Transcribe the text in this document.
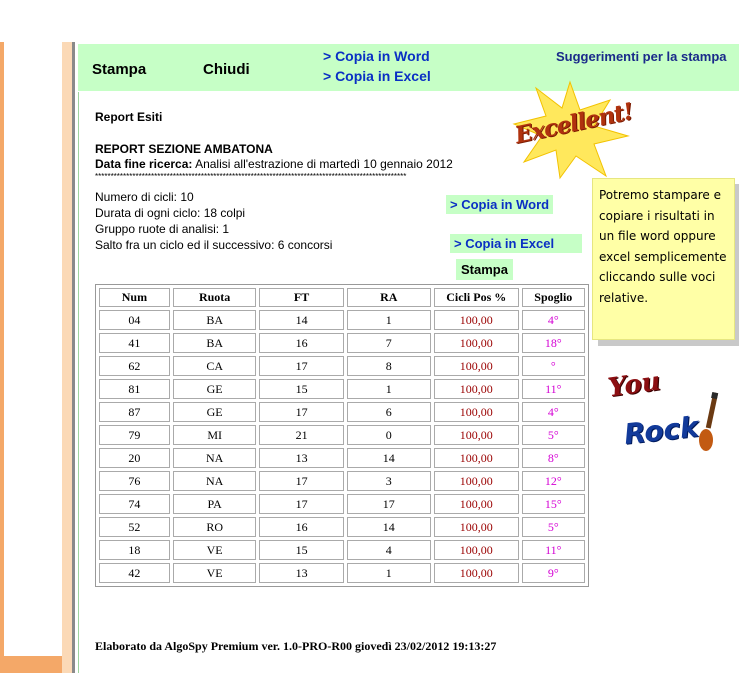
Stampa	Chiudi
> Copia in Word
> Copia in Excel
Suggerimenti per la stampa
Report Esiti
REPORT SEZIONE AMBATONA
Data fine ricerca: Analisi all'estrazione di martedì 10 gennaio 2012
****************************************************************************************************
Numero di cicli: 10
Durata di ogni ciclo: 18 colpi
Gruppo ruote di analisi: 1
Salto fra un ciclo ed il successivo: 6 concorsi
> Copia in Word
> Copia in Excel
Stampa
Excellent!
Potremo stampare e copiare i risultati in un file word oppure excel semplicemente cliccando sulle voci relative.
You
Rock
Num	Ruota	FT	RA	Cicli Pos %	Spoglio
04	BA	14	1	100,00	4°
41	BA	16	7	100,00	18°
62	CA	17	8	100,00	°
81	GE	15	1	100,00	11°
87	GE	17	6	100,00	4°
79	MI	21	0	100,00	5°
20	NA	13	14	100,00	8°
76	NA	17	3	100,00	12°
74	PA	17	17	100,00	15°
52	RO	16	14	100,00	5°
18	VE	15	4	100,00	11°
42	VE	13	1	100,00	9°
Elaborato da AlgoSpy Premium ver. 1.0-PRO-R00 giovedì 23/02/2012 19:13:27
